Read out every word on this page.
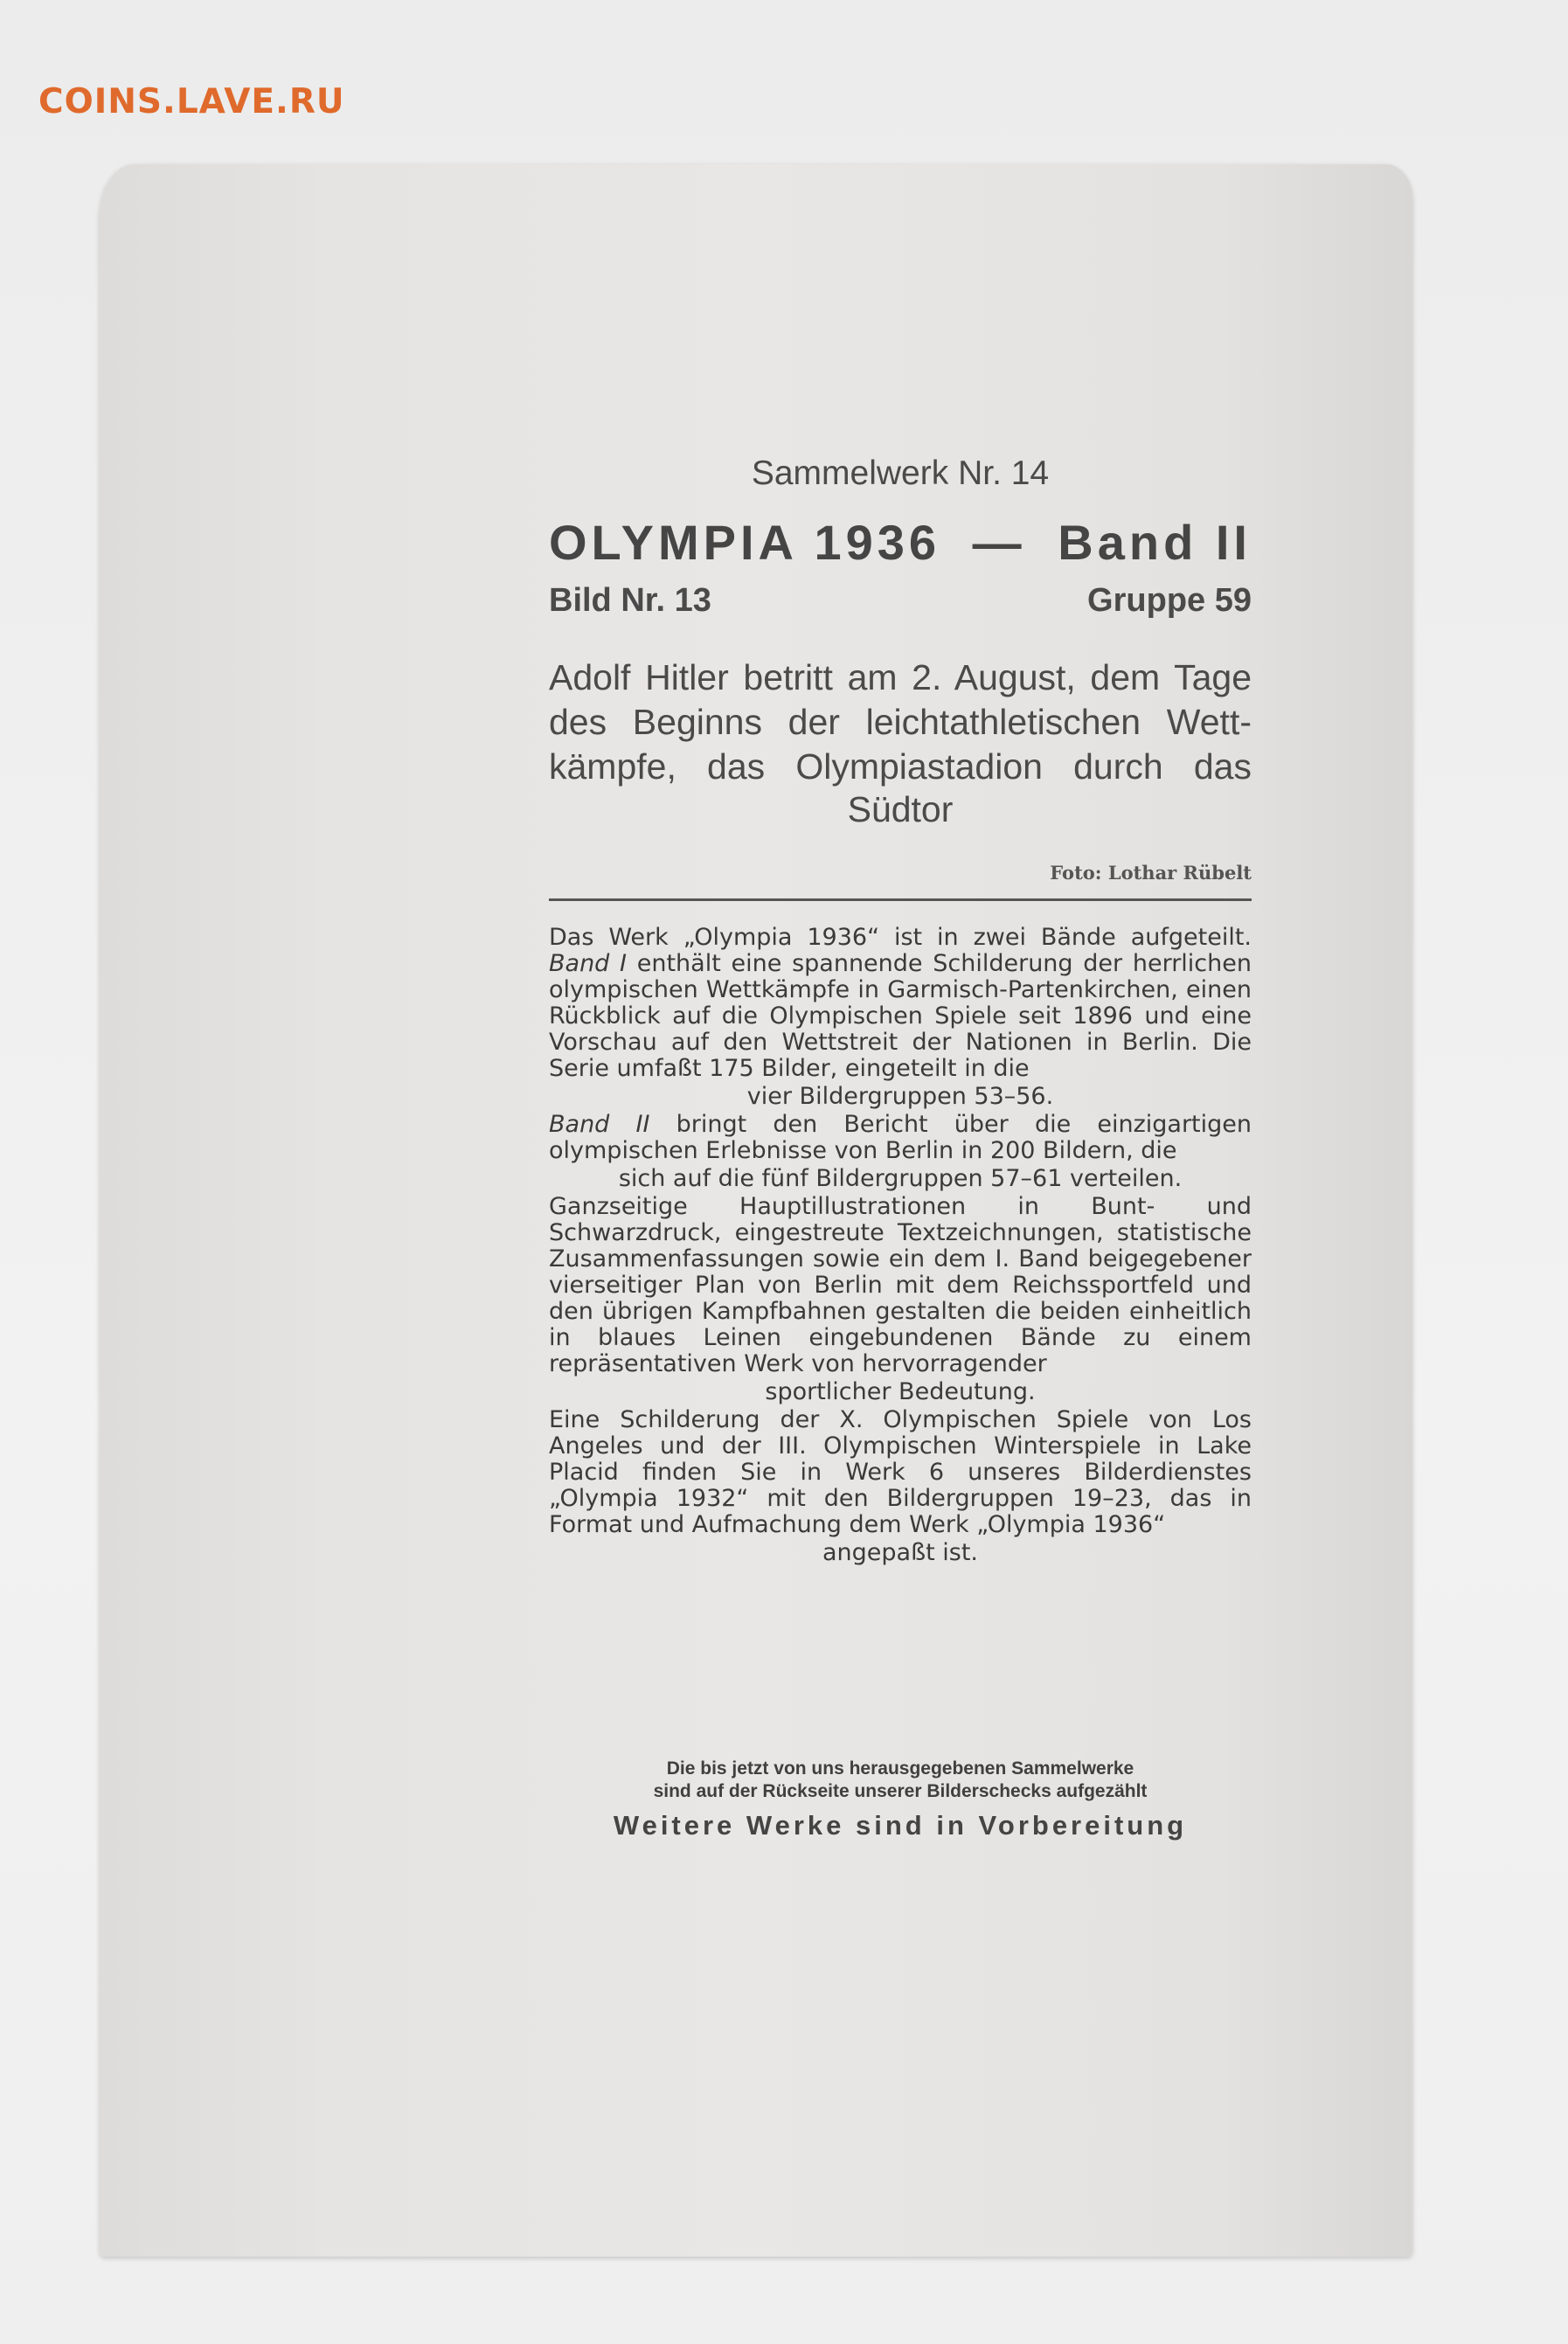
COINS.LAVE.RU
Sammelwerk Nr. 14
OLYMPIA 1936 — Band II
Bild Nr. 13	Gruppe 59
Adolf Hitler betritt am 2. August, dem Tage
des Beginns der leichtathletischen Wett-
kämpfe, das Olympiastadion durch das
Südtor
Foto: Lothar Rübelt

Das Werk „Olympia 1936“ ist in zwei Bände aufgeteilt. Band I enthält eine spannende Schilderung der herrlichen olympischen Wettkämpfe in Garmisch-Partenkirchen, einen Rückblick auf die Olympischen Spiele seit 1896 und eine Vorschau auf den Wettstreit der Nationen in Berlin. Die Serie umfaßt 175 Bilder, eingeteilt in die

vier Bildergruppen 53–56.

Band II bringt den Bericht über die einzigartigen olympischen Erlebnisse von Berlin in 200 Bildern, die

sich auf die fünf Bildergruppen 57–61 verteilen.

Ganzseitige Hauptillustrationen in Bunt- und Schwarzdruck, eingestreute Textzeichnungen, statistische Zusammenfassungen sowie ein dem I. Band beigegebener vierseitiger Plan von Berlin mit dem Reichssportfeld und den übrigen Kampfbahnen gestalten die beiden einheitlich in blaues Leinen eingebundenen Bände zu einem repräsentativen Werk von hervorragender

sportlicher Bedeutung.

Eine Schilderung der X. Olympischen Spiele von Los Angeles und der III. Olympischen Winterspiele in Lake Placid finden Sie in Werk 6 unseres Bilderdienstes „Olympia 1932“ mit den Bildergruppen 19–23, das in Format und Aufmachung dem Werk „Olympia 1936“

angepaßt ist.

Die bis jetzt von uns herausgegebenen Sammelwerke
sind auf der Rückseite unserer Bilderschecks aufgezählt
Weitere Werke sind in Vorbereitung
